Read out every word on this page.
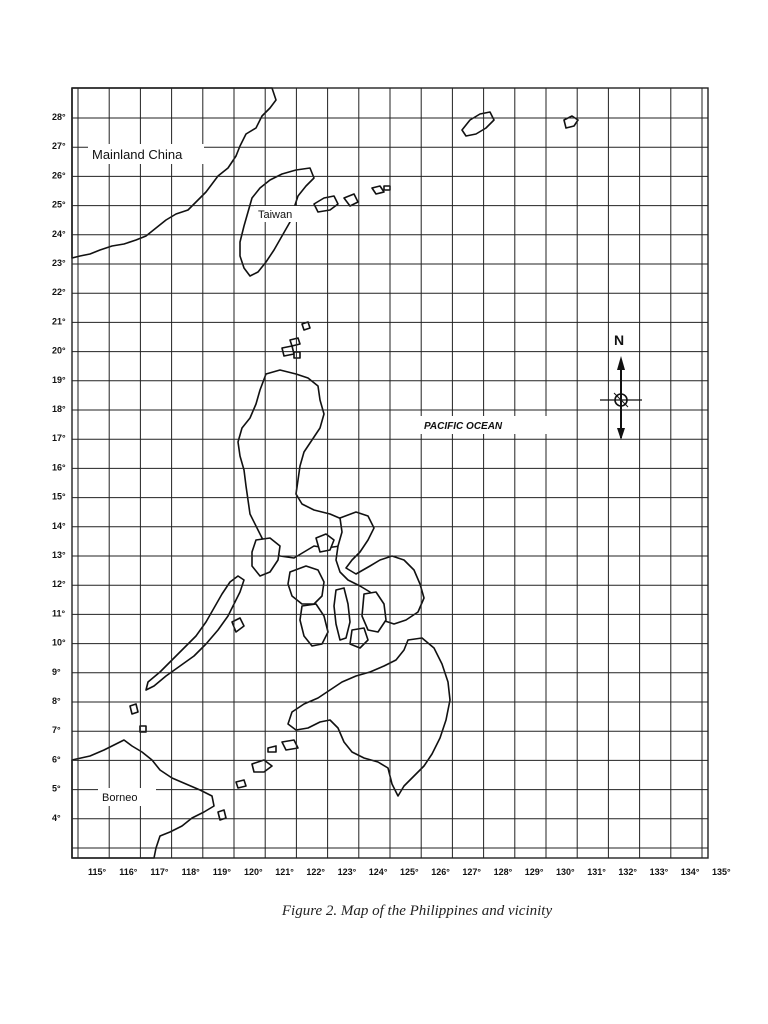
28°
27°
26°
25°
24°
23°
22°
21°
20°
19°
18°
17°
16°
15°
14°
13°
12°
11°
10°
9°
8°
7°
6°
5°
4°
115° 116° 117° 118° 119° 120° 121° 122° 123° 124° 125° 126° 127° 128° 129° 130° 131° 132° 133° 134° 135°
Mainland China
Taiwan
PACIFIC OCEAN
Borneo
N
Figure 2. Map of the Philippines and vicinity
